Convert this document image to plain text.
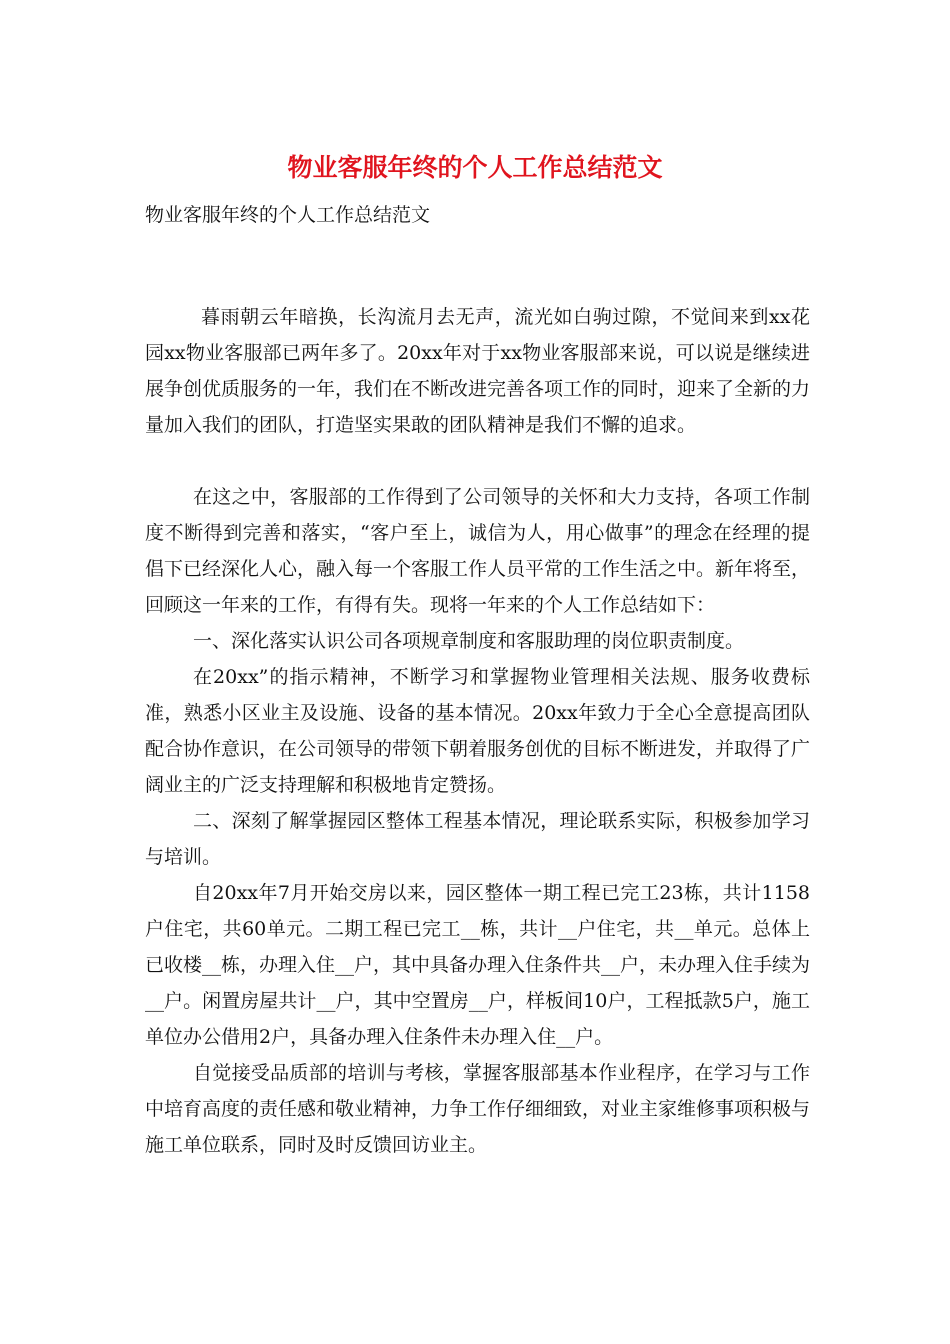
物业客服年终的个人工作总结范文

物业客服年终的个人工作总结范文

暮雨朝云年暗换，长沟流月去无声，流光如白驹过隙，不觉间来到xx花园xx物业客服部已两年多了。20xx年对于xx物业客服部来说，可以说是继续进展争创优质服务的一年，我们在不断改进完善各项工作的同时，迎来了全新的力量加入我们的团队，打造坚实果敢的团队精神是我们不懈的追求。

在这之中，客服部的工作得到了公司领导的关怀和大力支持，各项工作制度不断得到完善和落实，“客户至上，诚信为人，用心做事”的理念在经理的提倡下已经深化人心，融入每一个客服工作人员平常的工作生活之中。新年将至，回顾这一年来的工作，有得有失。现将一年来的个人工作总结如下：

一、深化落实认识公司各项规章制度和客服助理的岗位职责制度。

在20xx”的指示精神，不断学习和掌握物业管理相关法规、服务收费标准，熟悉小区业主及设施、设备的基本情况。20xx年致力于全心全意提高团队配合协作意识，在公司领导的带领下朝着服务创优的目标不断进发，并取得了广阔业主的广泛支持理解和积极地肯定赞扬。

二、深刻了解掌握园区整体工程基本情况，理论联系实际，积极参加学习与培训。

自20xx年7月开始交房以来，园区整体一期工程已完工23栋，共计1158户住宅，共60单元。二期工程已完工__栋，共计__户住宅，共__单元。总体上已收楼__栋，办理入住__户，其中具备办理入住条件共__户，未办理入住手续为__户。闲置房屋共计__户，其中空置房__户，样板间10户，工程抵款5户，施工单位办公借用2户，具备办理入住条件未办理入住__户。

自觉接受品质部的培训与考核，掌握客服部基本作业程序，在学习与工作中培育高度的责任感和敬业精神，力争工作仔细细致，对业主家维修事项积极与施工单位联系，同时及时反馈回访业主。
